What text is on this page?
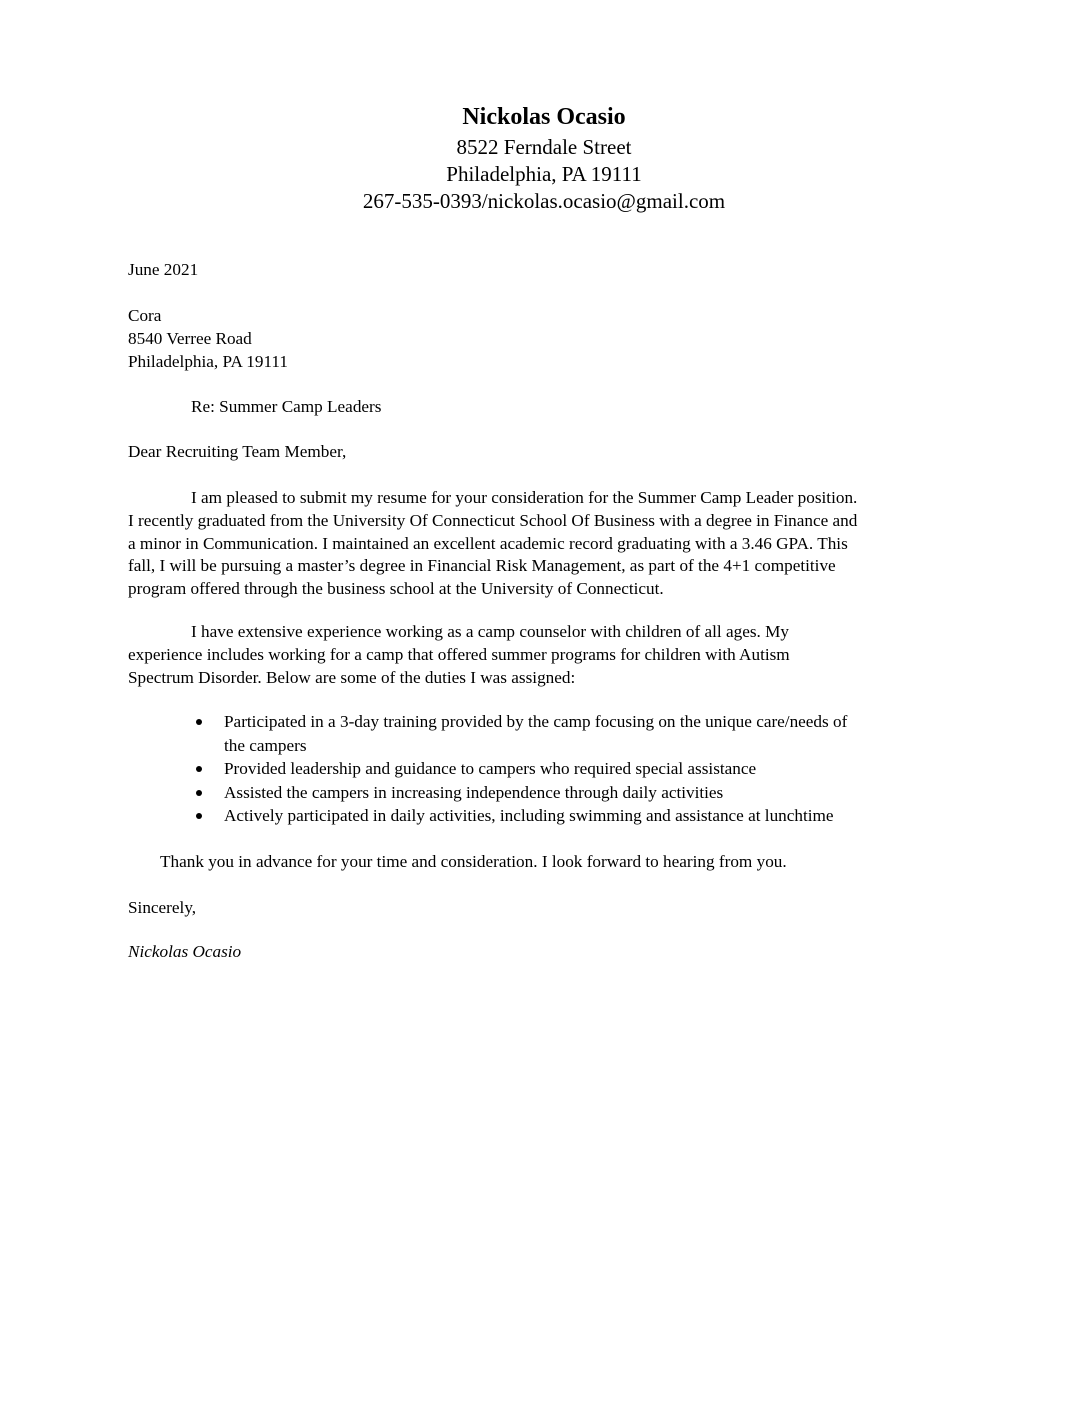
Nickolas Ocasio
8522 Ferndale Street
Philadelphia, PA 19111
267-535-0393/nickolas.ocasio@gmail.com
June 2021
Cora
8540 Verree Road
Philadelphia, PA 19111
Re: Summer Camp Leaders
Dear Recruiting Team Member,
I am pleased to submit my resume for your consideration for the Summer Camp Leader position.
I recently graduated from the University Of Connecticut School Of Business with a degree in Finance and
a minor in Communication. I maintained an excellent academic record graduating with a 3.46 GPA. This
fall, I will be pursuing a master’s degree in Financial Risk Management, as part of the 4+1 competitive
program offered through the business school at the University of Connecticut.
I have extensive experience working as a camp counselor with children of all ages. My
experience includes working for a camp that offered summer programs for children with Autism
Spectrum Disorder. Below are some of the duties I was assigned:
Participated in a 3-day training provided by the camp focusing on the unique care/needs of
the campers
Provided leadership and guidance to campers who required special assistance
Assisted the campers in increasing independence through daily activities
Actively participated in daily activities, including swimming and assistance at lunchtime
Thank you in advance for your time and consideration. I look forward to hearing from you.
Sincerely,
Nickolas Ocasio
